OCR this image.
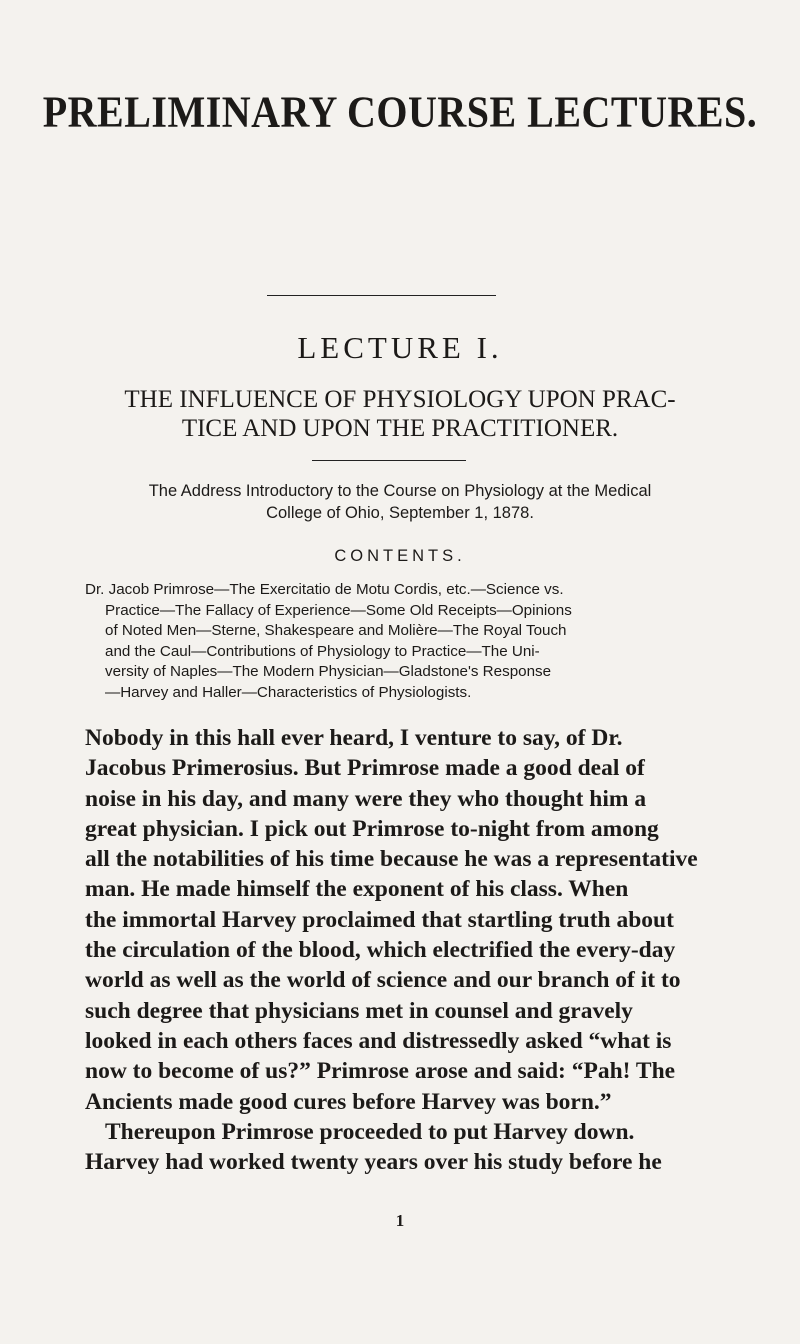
PRELIMINARY COURSE LECTURES.
LECTURE I.
THE INFLUENCE OF PHYSIOLOGY UPON PRAC-
TICE AND UPON THE PRACTITIONER.
The Address Introductory to the Course on Physiology at the Medical
College of Ohio, September 1, 1878.
CONTENTS.
Dr. Jacob Primrose—The Exercitatio de Motu Cordis, etc.—Science vs.
Practice—The Fallacy of Experience—Some Old Receipts—Opinions
of Noted Men—Sterne, Shakespeare and Molière—The Royal Touch
and the Caul—Contributions of Physiology to Practice—The Uni-
versity of Naples—The Modern Physician—Gladstone's Response
—Harvey and Haller—Characteristics of Physiologists.
Nobody in this hall ever heard, I venture to say, of Dr.
Jacobus Primerosius. But Primrose made a good deal of
noise in his day, and many were they who thought him a
great physician. I pick out Primrose to-night from among
all the notabilities of his time because he was a representative
man. He made himself the exponent of his class. When
the immortal Harvey proclaimed that startling truth about
the circulation of the blood, which electrified the every-day
world as well as the world of science and our branch of it to
such degree that physicians met in counsel and gravely
looked in each others faces and distressedly asked “what is
now to become of us?” Primrose arose and said: “Pah! The
Ancients made good cures before Harvey was born.”
Thereupon Primrose proceeded to put Harvey down.
Harvey had worked twenty years over his study before he
1
